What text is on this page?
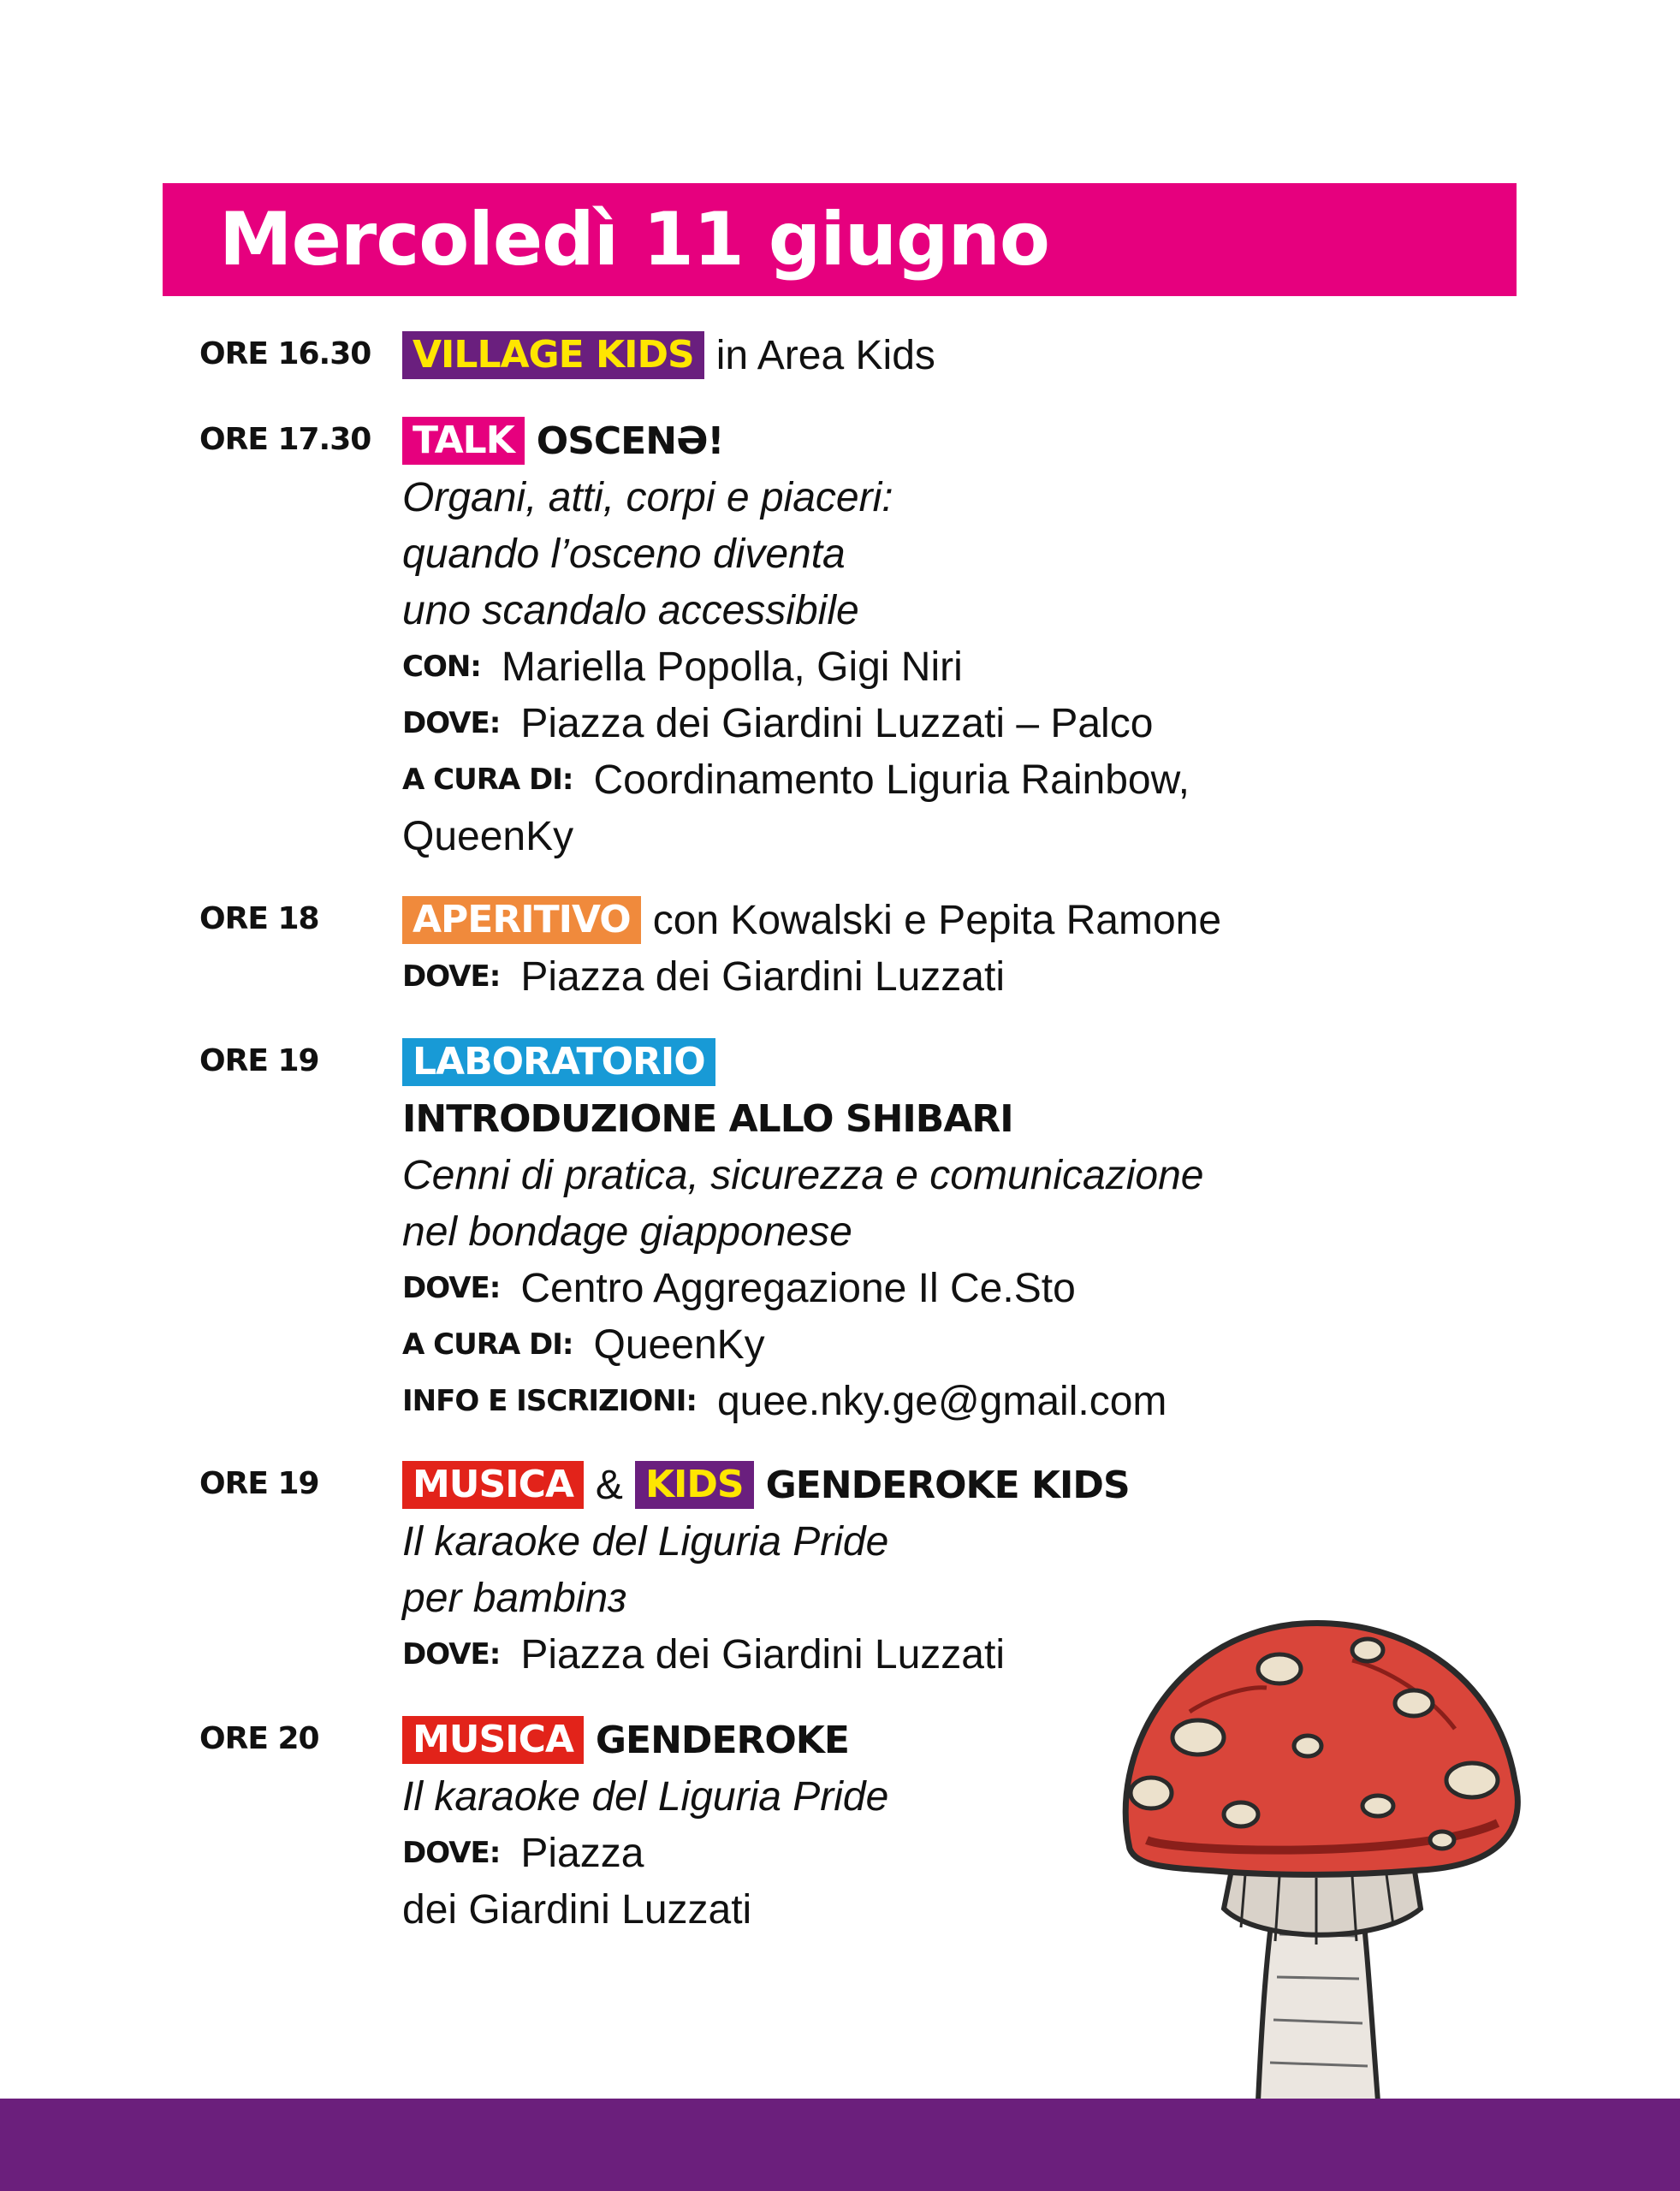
Mercoledì 11 giugno
ORE 16.30 VILLAGE KIDS in Area Kids
ORE 17.30 TALK OSCENƏ!
Organi, atti, corpi e piaceri:
quando l’osceno diventa
uno scandalo accessibile
CON: Mariella Popolla, Gigi Niri
DOVE: Piazza dei Giardini Luzzati – Palco
A CURA DI: Coordinamento Liguria Rainbow,
QueenKy
ORE 18 APERITIVO con Kowalski e Pepita Ramone
DOVE: Piazza dei Giardini Luzzati
ORE 19 LABORATORIO
INTRODUZIONE ALLO SHIBARI
Cenni di pratica, sicurezza e comunicazione
nel bondage giapponese
DOVE: Centro Aggregazione Il Ce.Sto
A CURA DI: QueenKy
INFO E ISCRIZIONI: quee.nky.ge@gmail.com
ORE 19 MUSICA & KIDS GENDEROKE KIDS
Il karaoke del Liguria Pride
per bambinз
DOVE: Piazza dei Giardini Luzzati
ORE 20 MUSICA GENDEROKE
Il karaoke del Liguria Pride
DOVE: Piazza
dei Giardini Luzzati
